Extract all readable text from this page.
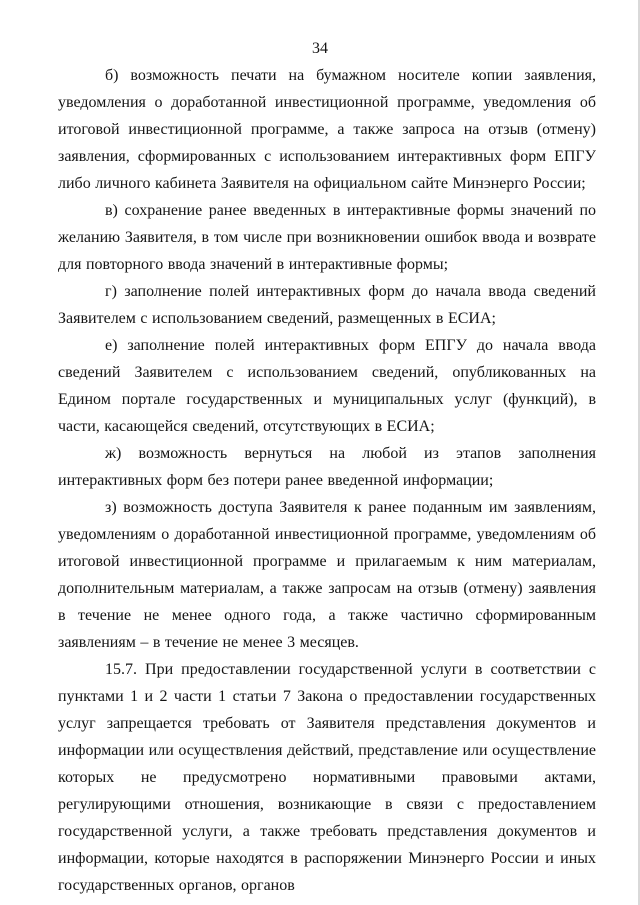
34

б) возможность печати на бумажном носителе копии заявления, уведомления о доработанной инвестиционной программе, уведомления об итоговой инвестиционной программе, а также запроса на отзыв (отмену) заявления, сформированных с использованием интерактивных форм ЕПГУ либо личного кабинета Заявителя на официальном сайте Минэнерго России;

в) сохранение ранее введенных в интерактивные формы значений по желанию Заявителя, в том числе при возникновении ошибок ввода и возврате для повторного ввода значений в интерактивные формы;

г) заполнение полей интерактивных форм до начала ввода сведений Заявителем с использованием сведений, размещенных в ЕСИА;

е) заполнение полей интерактивных форм ЕПГУ до начала ввода сведений Заявителем с использованием сведений, опубликованных на Едином портале государственных и муниципальных услуг (функций), в части, касающейся сведений, отсутствующих в ЕСИА;

ж) возможность вернуться на любой из этапов заполнения интерактивных форм без потери ранее введенной информации;

з) возможность доступа Заявителя к ранее поданным им заявлениям, уведомлениям о доработанной инвестиционной программе, уведомлениям об итоговой инвестиционной программе и прилагаемым к ним материалам, дополнительным материалам, а также запросам на отзыв (отмену) заявления в течение не менее одного года, а также частично сформированным заявлениям – в течение не менее 3 месяцев.

15.7. При предоставлении государственной услуги в соответствии с пунктами 1 и 2 части 1 статьи 7 Закона о предоставлении государственных услуг запрещается требовать от Заявителя представления документов и информации или осуществления действий, представление или осуществление которых не предусмотрено нормативными правовыми актами, регулирующими отношения, возникающие в связи с предоставлением государственной услуги, а также требовать представления документов и информации, которые находятся в распоряжении Минэнерго России и иных государственных органов, органов
